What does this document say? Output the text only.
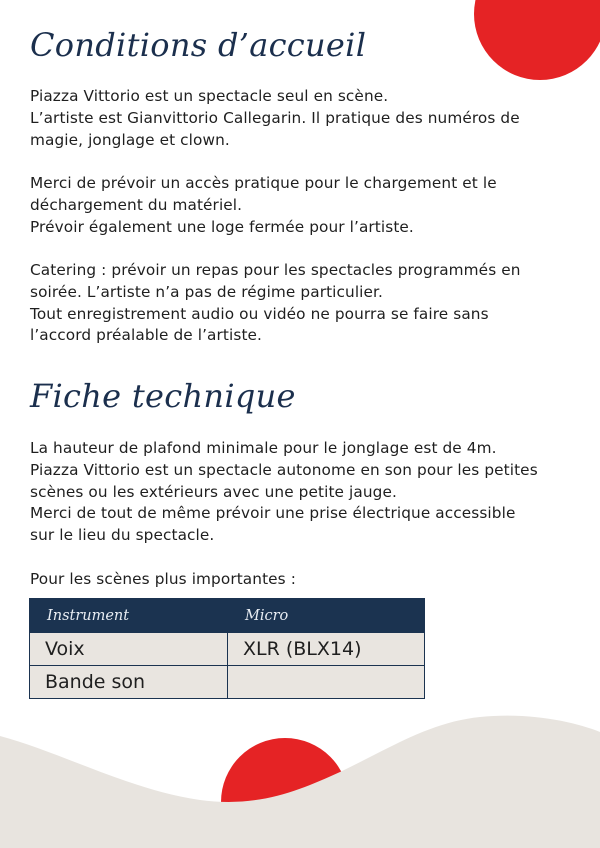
Conditions d’accueil

Piazza Vittorio est un spectacle seul en scène.
L’artiste est Gianvittorio Callegarin. Il pratique des numéros de
magie, jonglage et clown.

Merci de prévoir un accès pratique pour le chargement et le
déchargement du matériel.
Prévoir également une loge fermée pour l’artiste.

Catering : prévoir un repas pour les spectacles programmés en
soirée. L’artiste n’a pas de régime particulier.
Tout enregistrement audio ou vidéo ne pourra se faire sans
l’accord préalable de l’artiste.

Fiche technique

La hauteur de plafond minimale pour le jonglage est de 4m.
Piazza Vittorio est un spectacle autonome en son pour les petites
scènes ou les extérieurs avec une petite jauge.
Merci de tout de même prévoir une prise électrique accessible
sur le lieu du spectacle.

Pour les scènes plus importantes :

Instrument	Micro
Voix	XLR (BLX14)
Bande son	
